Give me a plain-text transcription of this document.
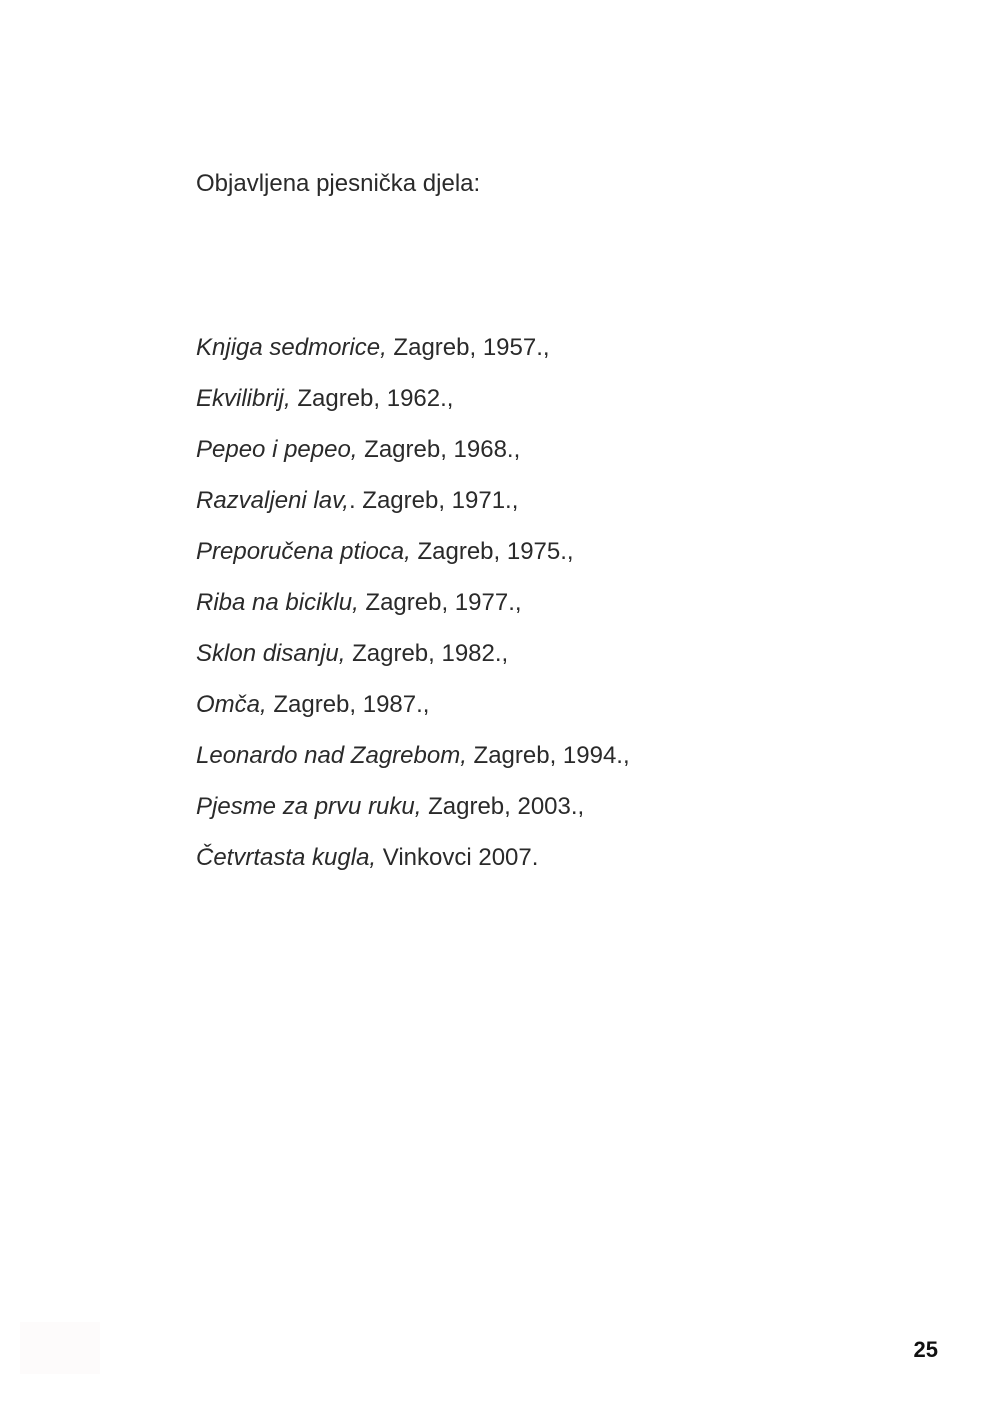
Objavljena pjesnička djela:
Knjiga sedmorice, Zagreb, 1957.,
Ekvilibrij, Zagreb, 1962.,
Pepeo i pepeo, Zagreb, 1968.,
Razvaljeni lav,. Zagreb, 1971.,
Preporučena ptioca, Zagreb, 1975.,
Riba na biciklu, Zagreb, 1977.,
Sklon disanju, Zagreb, 1982.,
Omča, Zagreb, 1987.,
Leonardo nad Zagrebom, Zagreb, 1994.,
Pjesme za prvu ruku, Zagreb, 2003.,
Četvrtasta kugla, Vinkovci 2007.
25
